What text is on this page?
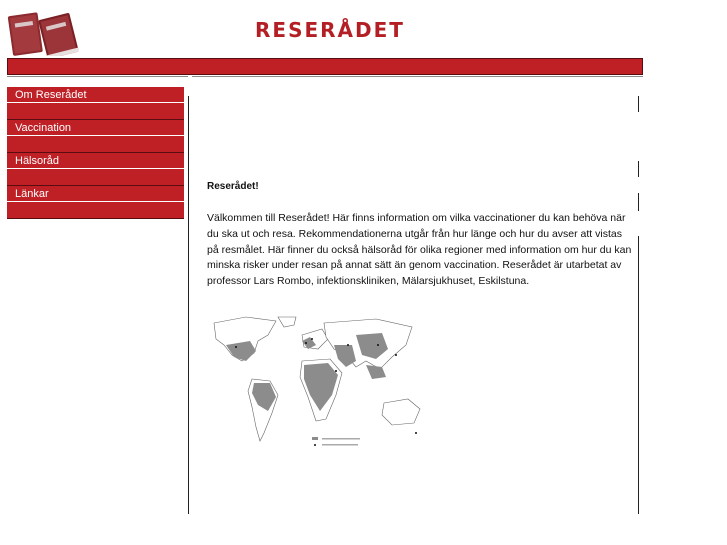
RESERÅDET
Om Reserådet
Vaccination
Hälsoråd
Länkar
Reserådet!

Välkommen till Reserådet! Här finns information om vilka vaccinationer du kan behöva när du ska ut och resa. Rekommendationerna utgår från hur länge och hur du avser att vistas på resmålet. Här finner du också hälsoråd för olika regioner med information om hur du kan minska risker under resan på annat sätt än genom vaccination. Reserådet är utarbetat av professor Lars Rombo, infektionskliniken, Mälarsjukhuset, Eskilstuna.
